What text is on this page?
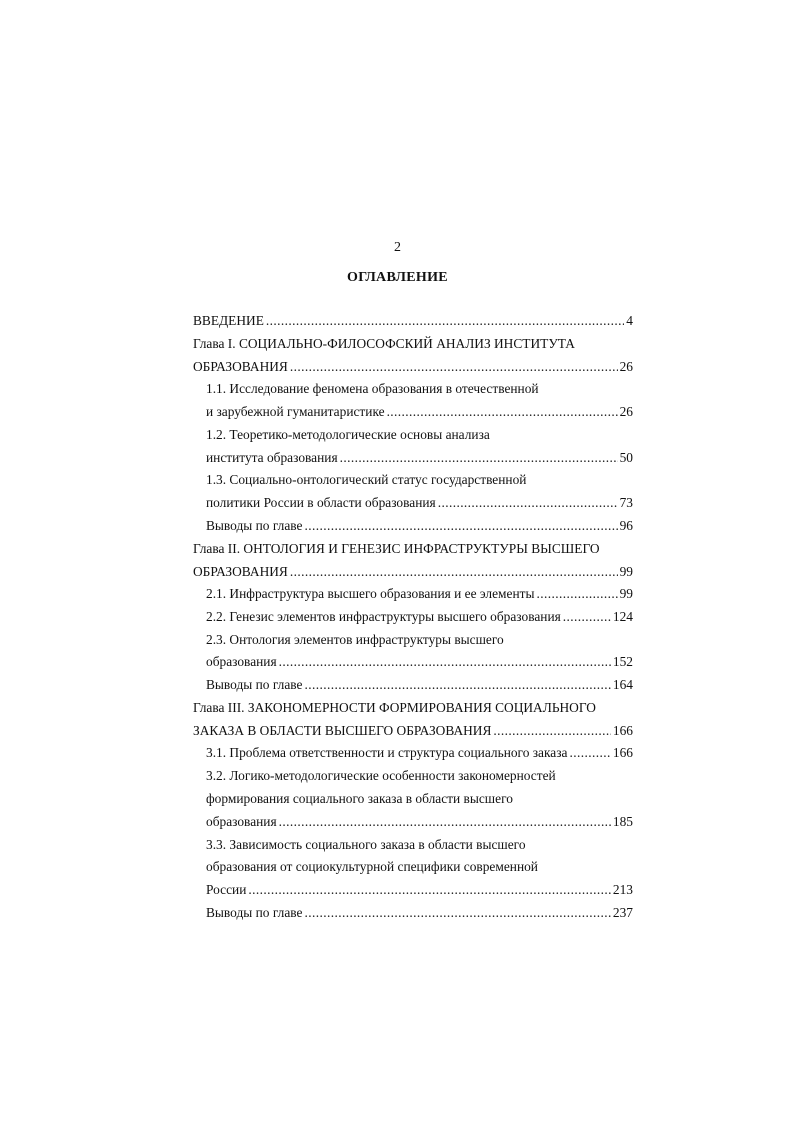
2
ОГЛАВЛЕНИЕ
ВВЕДЕНИЕ .....	4
Глава I. СОЦИАЛЬНО-ФИЛОСОФСКИЙ АНАЛИЗ ИНСТИТУТА
ОБРАЗОВАНИЯ .....	26
1.1. Исследование феномена образования в отечественной
и зарубежной гуманитаристике .....	26
1.2. Теоретико-методологические основы анализа
института образования .....	50
1.3. Социально-онтологический статус государственной
политики России в области образования .....	73
Выводы по главе .....	96
Глава II. ОНТОЛОГИЯ И ГЕНЕЗИС ИНФРАСТРУКТУРЫ ВЫСШЕГО
ОБРАЗОВАНИЯ .....	99
2.1. Инфраструктура высшего образования и ее элементы .....	99
2.2. Генезис элементов инфраструктуры высшего образования .....	124
2.3. Онтология элементов инфраструктуры высшего
образования .....	152
Выводы по главе .....	164
Глава III. ЗАКОНОМЕРНОСТИ ФОРМИРОВАНИЯ СОЦИАЛЬНОГО
ЗАКАЗА В ОБЛАСТИ ВЫСШЕГО ОБРАЗОВАНИЯ .....	166
3.1. Проблема ответственности и структура социального заказа .....	166
3.2. Логико-методологические особенности закономерностей
формирования социального заказа в области высшего
образования .....	185
3.3. Зависимость социального заказа в области высшего
образования от социокультурной специфики современной
России .....	213
Выводы по главе .....	237
